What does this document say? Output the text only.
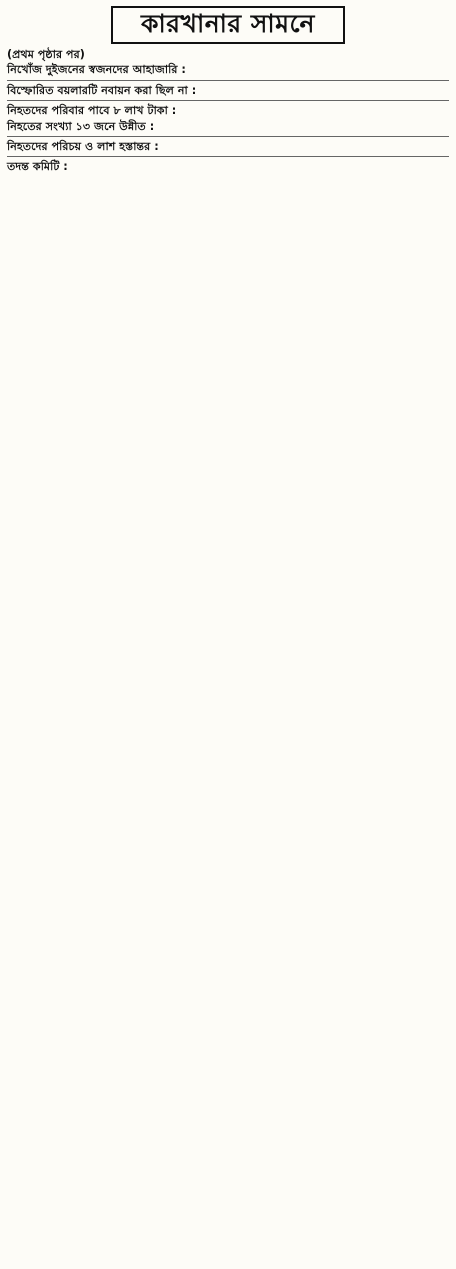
কারখানার সামনে

(প্রথম পৃষ্ঠার পর)

নিখোঁজ দুইজনের স্বজনদের আহাজারি :

বিস্ফোরিত বয়লারটি নবায়ন করা ছিল না :

নিহতদের পরিবার পাবে ৮ লাখ টাকা :

নিহতের সংখ্যা ১৩ জনে উন্নীত :

নিহতদের পরিচয় ও লাশ হস্তান্তর :

তদন্ত কমিটি :
